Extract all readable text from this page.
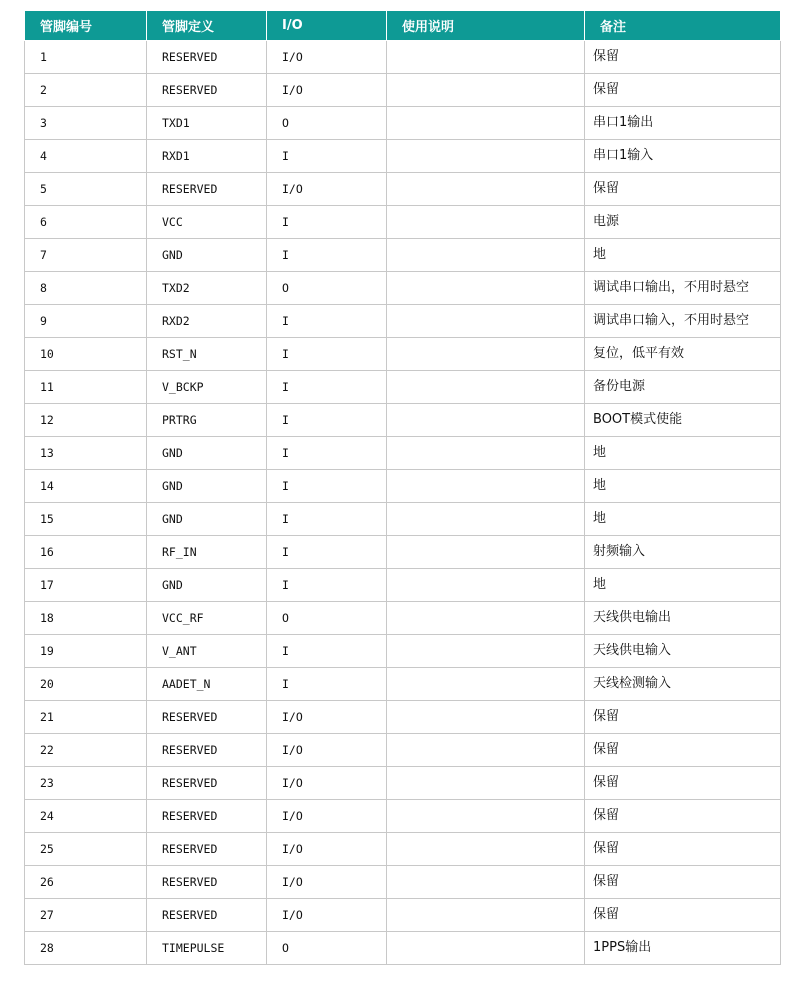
管脚编号	管脚定义	I/O	使用说明	备注
1	RESERVED	I/O		保留
2	RESERVED	I/O		保留
3	TXD1	O		串口1输出
4	RXD1	I		串口1输入
5	RESERVED	I/O		保留
6	VCC	I		电源
7	GND	I		地
8	TXD2	O		调试串口输出，不用时悬空
9	RXD2	I		调试串口输入，不用时悬空
10	RST_N	I		复位，低平有效
11	V_BCKP	I		备份电源
12	PRTRG	I		BOOT模式使能
13	GND	I		地
14	GND	I		地
15	GND	I		地
16	RF_IN	I		射频输入
17	GND	I		地
18	VCC_RF	O		天线供电输出
19	V_ANT	I		天线供电输入
20	AADET_N	I		天线检测输入
21	RESERVED	I/O		保留
22	RESERVED	I/O		保留
23	RESERVED	I/O		保留
24	RESERVED	I/O		保留
25	RESERVED	I/O		保留
26	RESERVED	I/O		保留
27	RESERVED	I/O		保留
28	TIMEPULSE	O		1PPS输出
